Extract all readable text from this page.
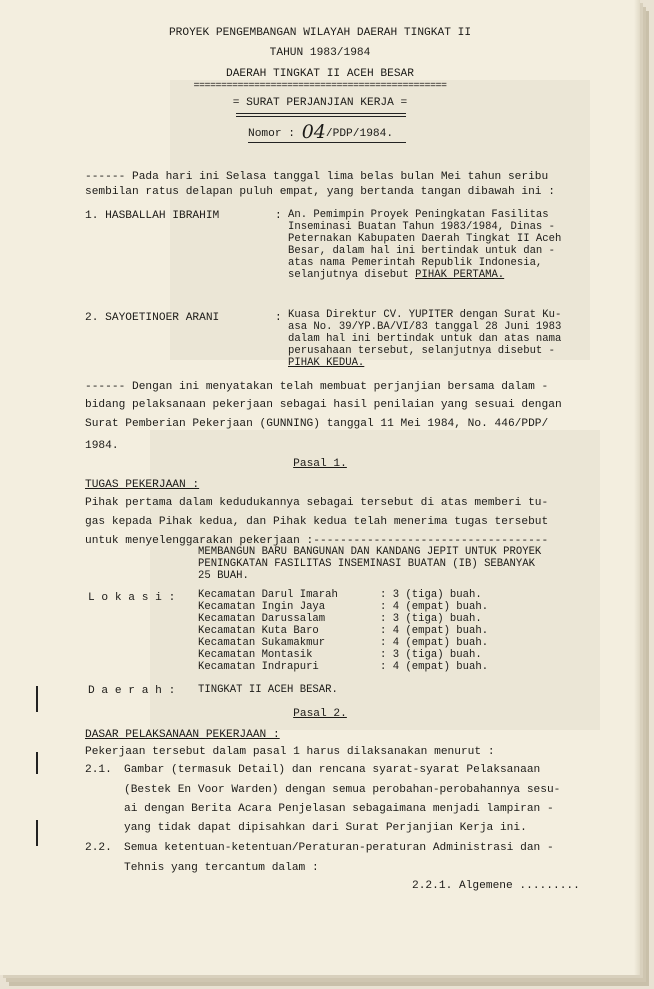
PROYEK PENGEMBANGAN WILAYAH DAERAH TINGKAT II
TAHUN 1983/1984
DAERAH TINGKAT II ACEH BESAR
==============================================
= SURAT PERJANJIAN KERJA =
Nomor : 04/PDP/1984.
------ Pada hari ini Selasa tanggal lima belas bulan Mei tahun seribu
sembilan ratus delapan puluh empat, yang bertanda tangan dibawah ini :
1. HASBALLAH IBRAHIM	: An. Pemimpin Proyek Peningkatan Fasilitas
Inseminasi Buatan Tahun 1983/1984, Dinas -
Peternakan Kabupaten Daerah Tingkat II Aceh
Besar, dalam hal ini bertindak untuk dan -
atas nama Pemerintah Republik Indonesia,
selanjutnya disebut PIHAK PERTAMA.
2. SAYOETINOER ARANI	: Kuasa Direktur CV. YUPITER dengan Surat Ku-
asa No. 39/YP.BA/VI/83 tanggal 28 Juni 1983
dalam hal ini bertindak untuk dan atas nama
perusahaan tersebut, selanjutnya disebut -
PIHAK KEDUA.
------ Dengan ini menyatakan telah membuat perjanjian bersama dalam -
bidang pelaksanaan pekerjaan sebagai hasil penilaian yang sesuai dengan
Surat Pemberian Pekerjaan (GUNNING) tanggal 11 Mei 1984, No. 446/PDP/
1984.
Pasal 1.
TUGAS PEKERJAAN :
Pihak pertama dalam kedudukannya sebagai tersebut di atas memberi tu-
gas kepada Pihak kedua, dan Pihak kedua telah menerima tugas tersebut
untuk menyelenggarakan pekerjaan :-----------------------------------
MEMBANGUN BARU BANGUNAN DAN KANDANG JEPIT UNTUK PROYEK
PENINGKATAN FASILITAS INSEMINASI BUATAN (IB) SEBANYAK
25 BUAH.
L o k a s i : Kecamatan Darul Imarah	: 3 (tiga) buah.
Kecamatan Ingin Jaya	: 4 (empat) buah.
Kecamatan Darussalam	: 3 (tiga) buah.
Kecamatan Kuta Baro	: 4 (empat) buah.
Kecamatan Sukamakmur	: 4 (empat) buah.
Kecamatan Montasik	: 3 (tiga) buah.
Kecamatan Indrapuri	: 4 (empat) buah.
D a e r a h : TINGKAT II ACEH BESAR.
Pasal 2.
DASAR PELAKSANAAN PEKERJAAN :
Pekerjaan tersebut dalam pasal 1 harus dilaksanakan menurut :
2.1. Gambar (termasuk Detail) dan rencana syarat-syarat Pelaksanaan
(Bestek En Voor Warden) dengan semua perobahan-perobahannya sesu-
ai dengan Berita Acara Penjelasan sebagaimana menjadi lampiran -
yang tidak dapat dipisahkan dari Surat Perjanjian Kerja ini.
2.2. Semua ketentuan-ketentuan/Peraturan-peraturan Administrasi dan -
Tehnis yang tercantum dalam :
2.2.1. Algemene .........
